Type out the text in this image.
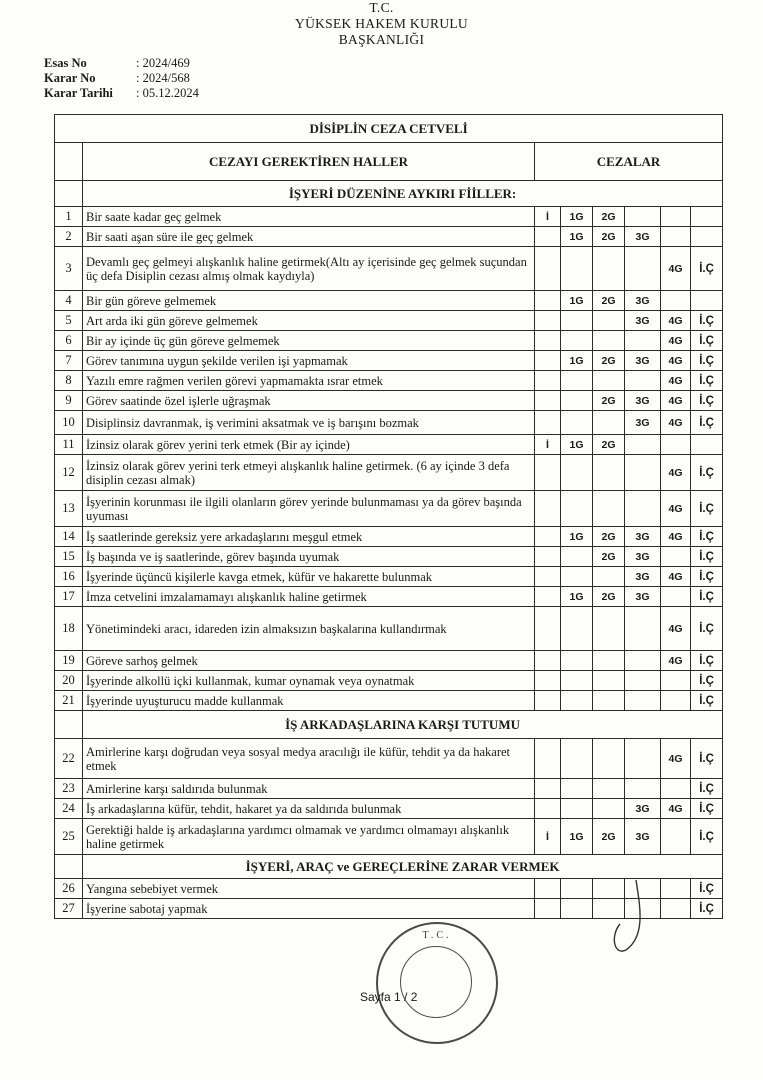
T.C.
YÜKSEK HAKEM KURULU
BAŞKANLIĞI
Esas No	: 2024/469
Karar No	: 2024/568
Karar Tarihi : 05.12.2024
DİSİPLİN CEZA CETVELİ							
	CEZAYI GEREKTİREN HALLER	CEZALAR					
	İŞYERİ DÜZENİNE AYKIRI FİİLLER:						
1	Bir saate kadar geç gelmek	İ	1G	2G			
2	Bir saati aşan süre ile geç gelmek		1G	2G	3G		
3	Devamlı geç gelmeyi alışkanlık haline getirmek(Altı ay içerisinde geç gelmek suçundan üç defa Disiplin cezası almış olmak kaydıyla)					4G	İ.Ç
4	Bir gün göreve gelmemek		1G	2G	3G		
5	Art arda iki gün göreve gelmemek				3G	4G	İ.Ç
6	Bir ay içinde üç gün göreve gelmemek					4G	İ.Ç
7	Görev tanımına uygun şekilde verilen işi yapmamak		1G	2G	3G	4G	İ.Ç
8	Yazılı emre rağmen verilen görevi yapmamakta ısrar etmek					4G	İ.Ç
9	Görev saatinde özel işlerle uğraşmak			2G	3G	4G	İ.Ç
10	Disiplinsiz davranmak, iş verimini aksatmak ve iş barışını bozmak				3G	4G	İ.Ç
11	İzinsiz olarak görev yerini terk etmek (Bir ay içinde)	İ	1G	2G			
12	İzinsiz olarak görev yerini terk etmeyi alışkanlık haline getirmek. (6 ay içinde 3 defa disiplin cezası almak)					4G	İ.Ç
13	İşyerinin korunması ile ilgili olanların görev yerinde bulunmaması ya da görev başında uyuması					4G	İ.Ç
14	İş saatlerinde gereksiz yere arkadaşlarını meşgul etmek		1G	2G	3G	4G	İ.Ç
15	İş başında ve iş saatlerinde, görev başında uyumak			2G	3G		İ.Ç
16	İşyerinde üçüncü kişilerle kavga etmek, küfür ve hakarette bulunmak				3G	4G	İ.Ç
17	İmza cetvelini imzalamamayı alışkanlık haline getirmek		1G	2G	3G		İ.Ç
18	Yönetimindeki aracı, idareden izin almaksızın başkalarına kullandırmak					4G	İ.Ç
19	Göreve sarhoş gelmek					4G	İ.Ç
20	İşyerinde alkollü içki kullanmak, kumar oynamak veya oynatmak						İ.Ç
21	İşyerinde uyuşturucu madde kullanmak						İ.Ç
	İŞ ARKADAŞLARINA KARŞI TUTUMU						
22	Amirlerine karşı doğrudan veya sosyal medya aracılığı ile küfür, tehdit ya da hakaret etmek					4G	İ.Ç
23	Amirlerine karşı saldırıda bulunmak						İ.Ç
24	İş arkadaşlarına küfür, tehdit, hakaret ya da saldırıda bulunmak				3G	4G	İ.Ç
25	Gerektiği halde iş arkadaşlarına yardımcı olmamak ve yardımcı olmamayı alışkanlık haline getirmek	İ	1G	2G	3G		İ.Ç
	İŞYERİ, ARAÇ ve GEREÇLERİNE ZARAR VERMEK						
26	Yangına sebebiyet vermek						İ.Ç
27	İşyerine sabotaj yapmak						İ.Ç
T.C.
Sayfa 1 / 2
